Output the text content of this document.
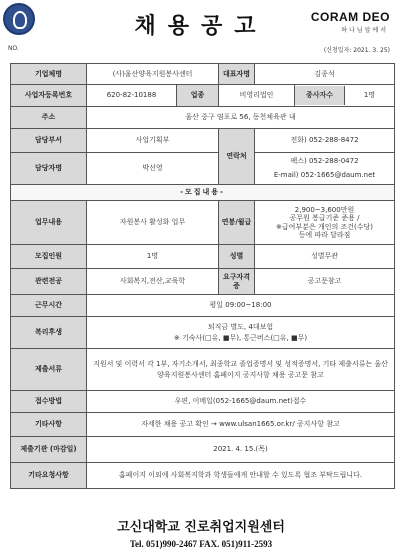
채용공고	CORAM DEO
하나님앞에서
NO.	(신청일자: 2021. 3. 25)
기업체명	(사)울산양육지원봉사센터		대표자명	김종석	
사업자등록번호	620-82-10188	업종	비영리법인		종사자수 1명

주소	울산 중구 염포로 56, 동천체육관 내				
담당부서	사업기획부		연락처	전화) 052-288-8472	
담당자명	박선영			팩스) 052-288-0472
E-mail) 052-1665@daum.net	

-모집내용-					
업무내용	자원봉사 활성화 업무		연봉/월급	2,900~3,600만원
공무원 봉급기준 준용 /
※급여부분은 개인의 조건(수당)
등에 따라 달라짐	

모집인원	1명		성별	성별무관	
관련전공	사회복지,전산,교육학		요구자격증	공고문참고	
근무시간	평일 09:00~18:00				
복리후생	퇴직금 별도, 4대보험
※ 기숙사(□유, ■무), 통근버스(□유, ■무)				

제출서류	지원서 및 이력서 각 1부, 자기소개서, 최종학교 졸업증명서 및 성적증명서, 기타 제출서류는 울산양육지원봉사센터 홈페이지 공지사항 채용 공고문 참고				
접수방법	우편, 이메일(052-1665@daum.net)접수				
기타사항	자세한 채용 공고 확인 → www.ulsan1665.or.kr/ 공지사항 참고				
제출기관 (마감일)	2021. 4. 15.(목)				
기타요청사항	홈페이지 이외에 사회복지학과 학생들에게 안내할 수 있도록 협조 부탁드립니다.				
고신대학교 진로취업지원센터
Tel. 051)990-2467 FAX. 051)911-2593
